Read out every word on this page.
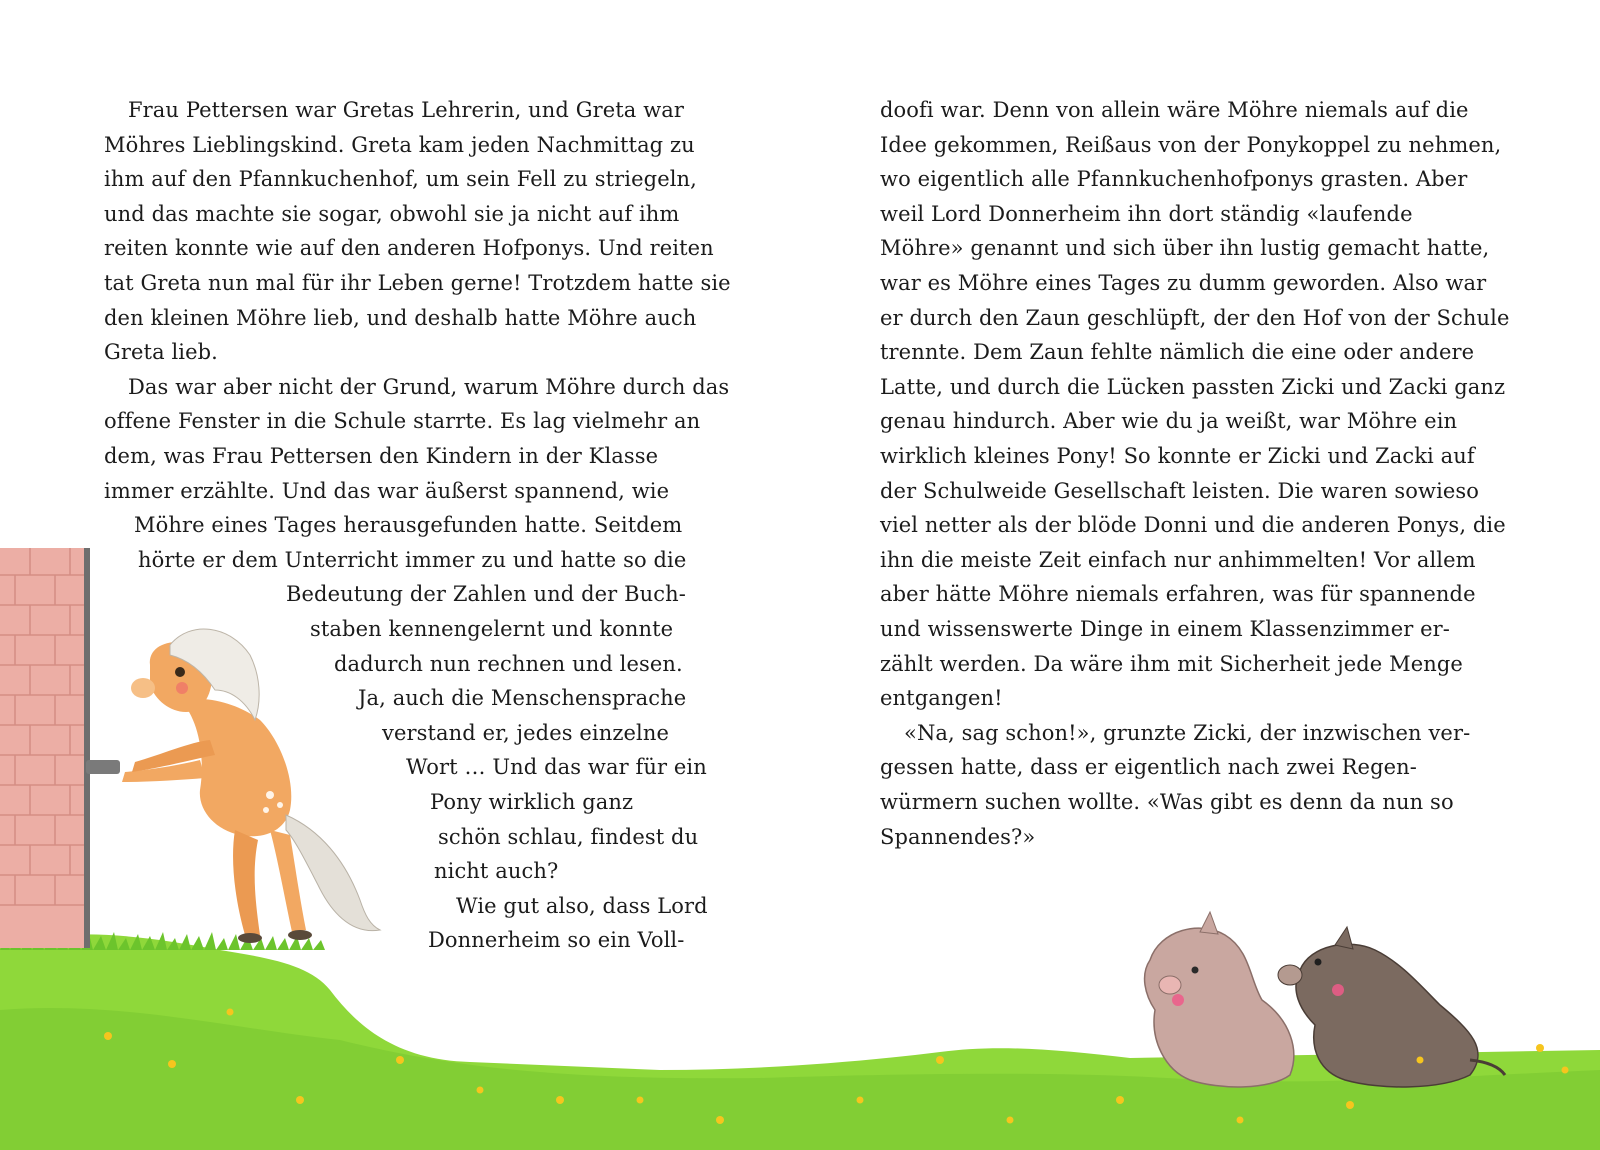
Frau Pettersen war Gretas Lehrerin, und Greta war
Möhres Lieblingskind. Greta kam jeden Nachmittag zu
ihm auf den Pfannkuchenhof, um sein Fell zu striegeln,
und das machte sie sogar, obwohl sie ja nicht auf ihm
reiten konnte wie auf den anderen Hofponys. Und reiten
tat Greta nun mal für ihr Leben gerne! Trotzdem hatte sie
den kleinen Möhre lieb, und deshalb hatte Möhre auch
Greta lieb.
Das war aber nicht der Grund, warum Möhre durch das
offene Fenster in die Schule starrte. Es lag vielmehr an
dem, was Frau Pettersen den Kindern in der Klasse
immer erzählte. Und das war äußerst spannend, wie
Möhre eines Tages herausgefunden hatte. Seitdem
hörte er dem Unterricht immer zu und hatte so die
Bedeutung der Zahlen und der Buch-
staben kennengelernt und konnte
dadurch nun rechnen und lesen.
Ja, auch die Menschensprache
verstand er, jedes einzelne
Wort … Und das war für ein
Pony wirklich ganz
schön schlau, findest du
nicht auch?
Wie gut also, dass Lord
Donnerheim so ein Voll-
doofi war. Denn von allein wäre Möhre niemals auf die
Idee gekommen, Reißaus von der Ponykoppel zu nehmen,
wo eigentlich alle Pfannkuchenhofponys grasten. Aber
weil Lord Donnerheim ihn dort ständig «laufende
Möhre» genannt und sich über ihn lustig gemacht hatte,
war es Möhre eines Tages zu dumm geworden. Also war
er durch den Zaun geschlüpft, der den Hof von der Schule
trennte. Dem Zaun fehlte nämlich die eine oder andere
Latte, und durch die Lücken passten Zicki und Zacki ganz
genau hindurch. Aber wie du ja weißt, war Möhre ein
wirklich kleines Pony! So konnte er Zicki und Zacki auf
der Schulweide Gesellschaft leisten. Die waren sowieso
viel netter als der blöde Donni und die anderen Ponys, die
ihn die meiste Zeit einfach nur anhimmelten! Vor allem
aber hätte Möhre niemals erfahren, was für spannende
und wissenswerte Dinge in einem Klassenzimmer er-
zählt werden. Da wäre ihm mit Sicherheit jede Menge
entgangen!
«Na, sag schon!», grunzte Zicki, der inzwischen ver-
gessen hatte, dass er eigentlich nach zwei Regen-
würmern suchen wollte. «Was gibt es denn da nun so
Spannendes?»
